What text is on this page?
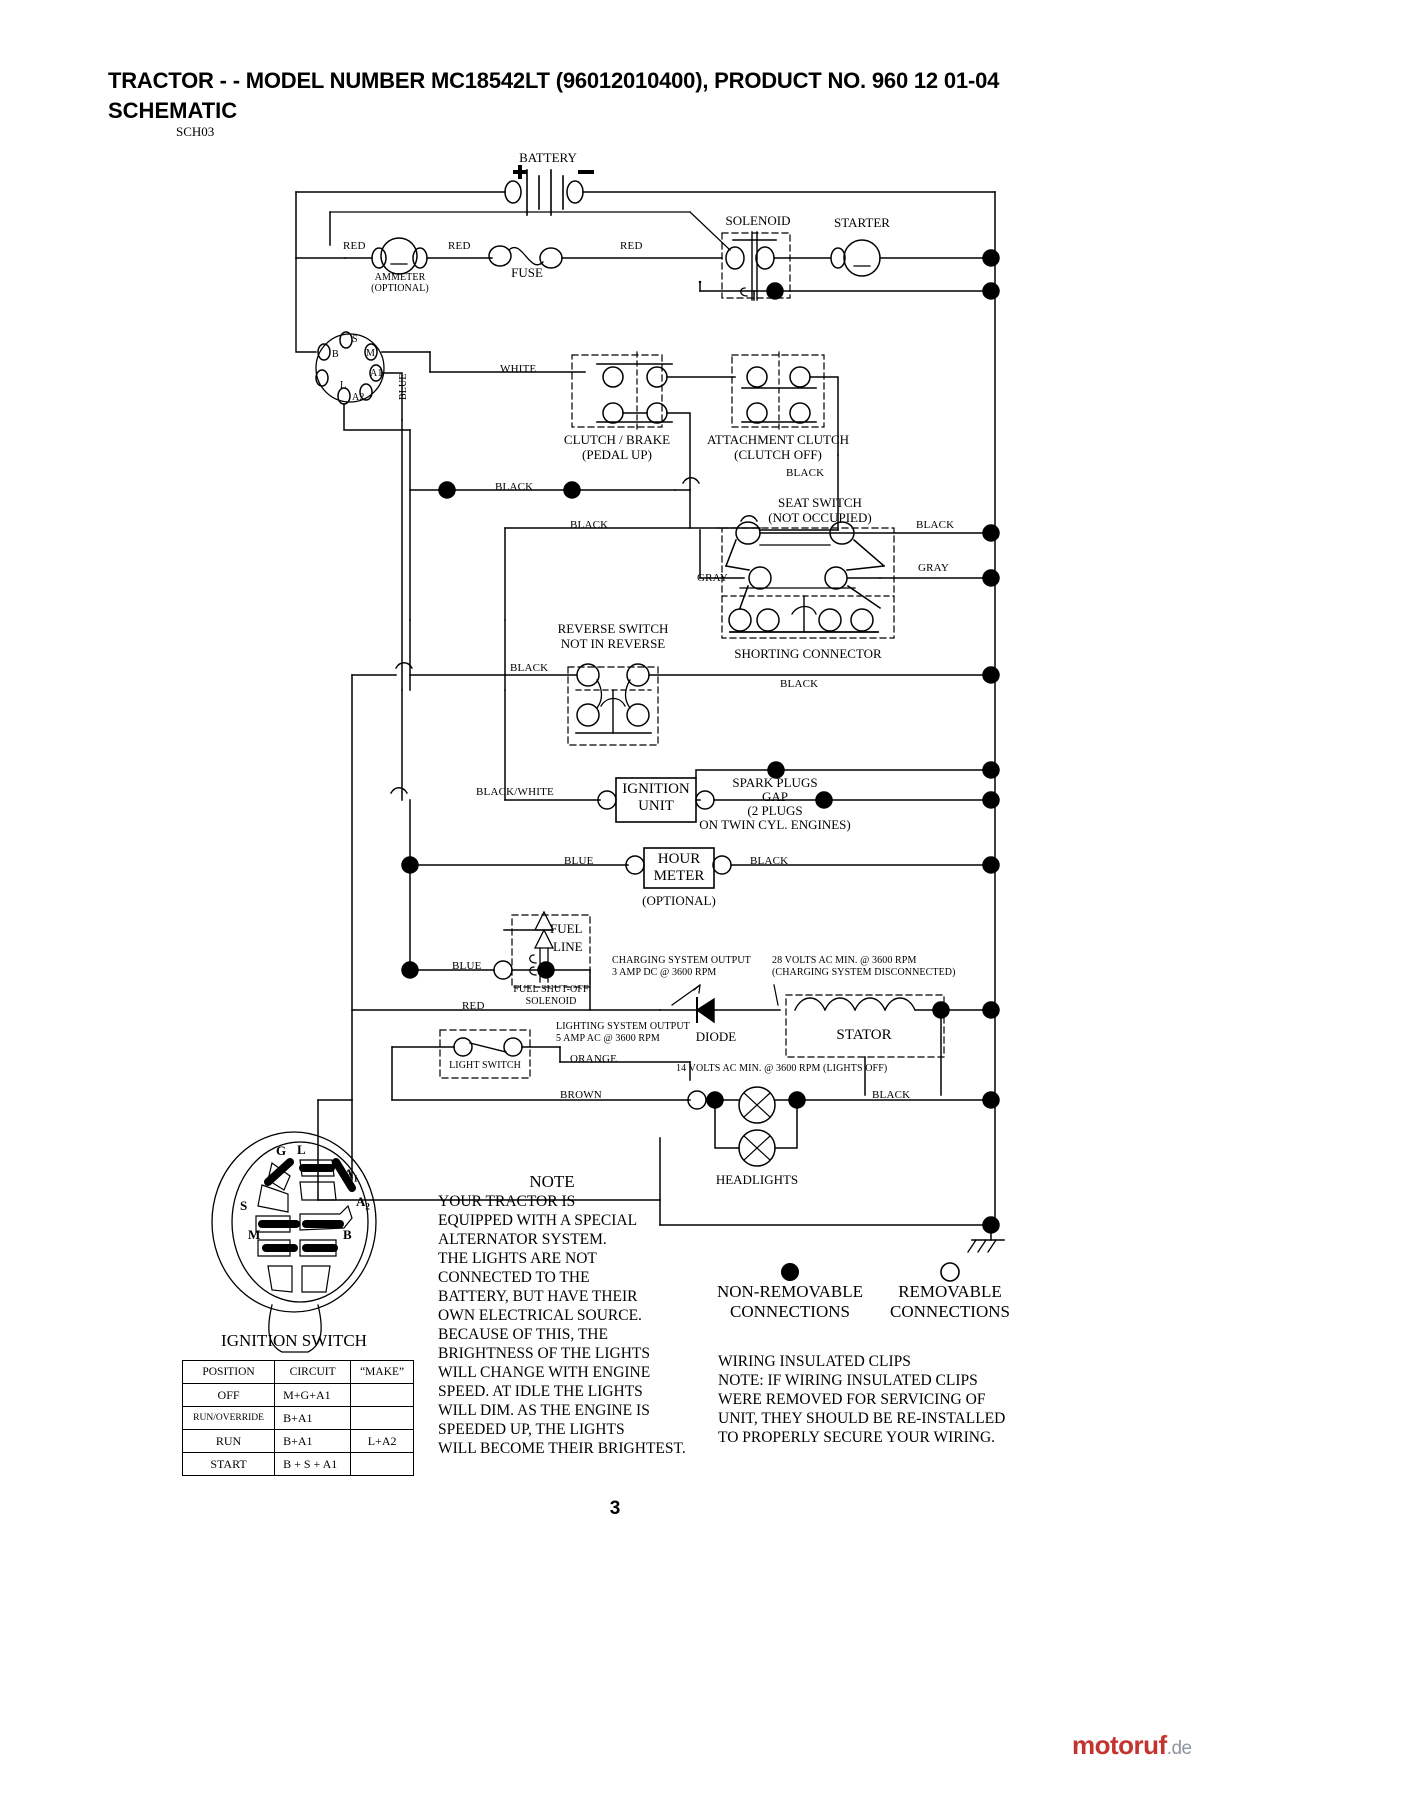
TRACTOR - - MODEL NUMBER MC18542LT (96012010400), PRODUCT NO. 960 12 01-04
SCHEMATIC
SCH03
BATTERY
RED	RED	RED
AMMETER
(OPTIONAL)
FUSE
SOLENOID	STARTER
B
S
M
L
A1
A2	BLUE
WHITE
CLUTCH / BRAKE
(PEDAL UP)
ATTACHMENT CLUTCH
(CLUTCH OFF)
BLACK
SEAT SWITCH
(NOT OCCUPIED)
BLACK
BLACK	BLACK
GRAY
GRAY
SHORTING CONNECTOR
REVERSE SWITCH
NOT IN REVERSE
BLACK
BLACK
BLACK/WHITE	IGNITION
UNIT
SPARK PLUGS
GAP
(2 PLUGS
ON TWIN CYL. ENGINES)
BLUE	HOUR
METER
(OPTIONAL)
BLACK
FUEL
LINE
FUEL SHUT-OFF
SOLENOID
BLUE
RED
CHARGING SYSTEM OUTPUT
3 AMP DC @ 3600 RPM
28 VOLTS AC MIN. @ 3600 RPM
(CHARGING SYSTEM DISCONNECTED)
LIGHTING SYSTEM OUTPUT
5 AMP AC @ 3600 RPM	DIODE	STATOR
LIGHT SWITCH
ORANGE
14 VOLTS AC MIN. @ 3600 RPM (LIGHTS OFF)
BROWN	BLACK
HEADLIGHTS
G L
$A_1$
$A_2$
S
M	B
IGNITION SWITCH
NOTE
YOUR TRACTOR IS
EQUIPPED WITH A SPECIAL
ALTERNATOR SYSTEM.
THE LIGHTS ARE NOT
CONNECTED TO THE
BATTERY, BUT HAVE THEIR
OWN ELECTRICAL SOURCE.
BECAUSE OF THIS, THE
BRIGHTNESS OF THE LIGHTS
WILL CHANGE WITH ENGINE
SPEED. AT IDLE THE LIGHTS
WILL DIM. AS THE ENGINE IS
SPEEDED UP, THE LIGHTS
WILL BECOME THEIR BRIGHTEST.
NON-REMOVABLE
CONNECTIONS
REMOVABLE
CONNECTIONS
WIRING INSULATED CLIPS
NOTE: IF WIRING INSULATED CLIPS
WERE REMOVED FOR SERVICING OF
UNIT, THEY SHOULD BE RE-INSTALLED
TO PROPERLY SECURE YOUR WIRING.
POSITION	CIRCUIT	“MAKE”
OFF	M+G+A1	
RUN/OVERRIDE	B+A1	
RUN	B+A1	L+A2
START	B + S + A1	
3
motoruf.de
